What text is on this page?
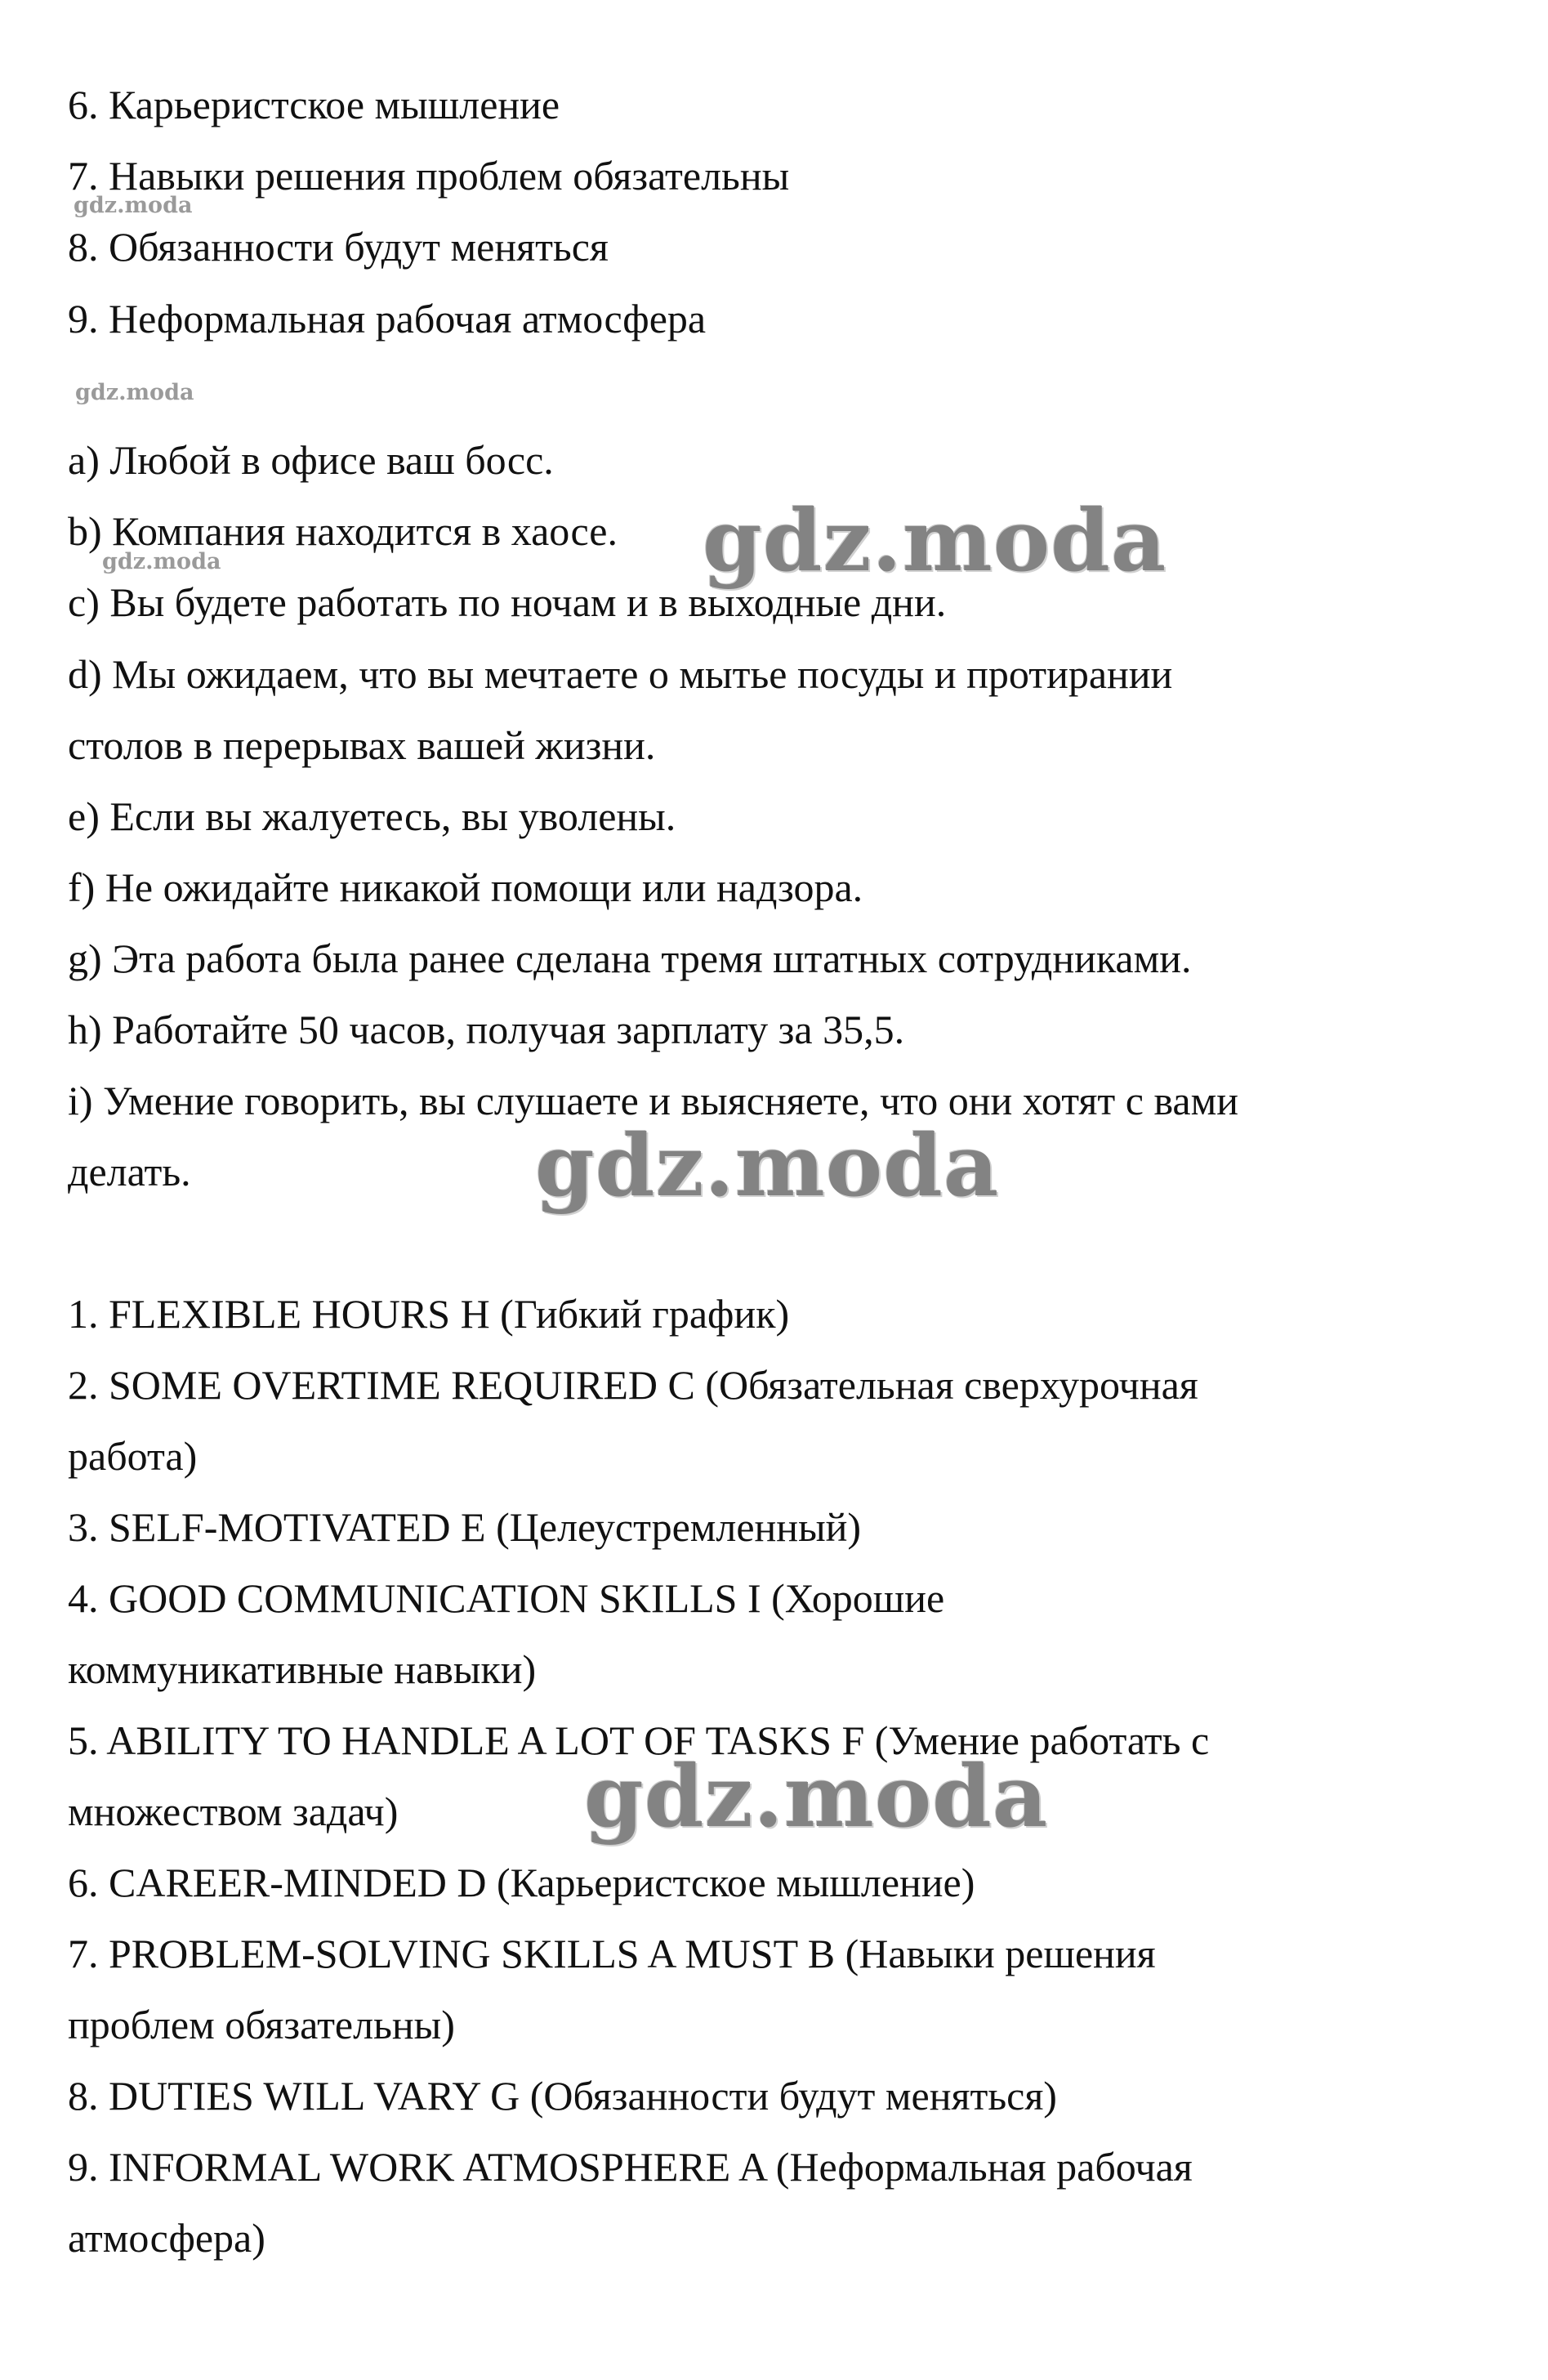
6. Карьеристское мышление
7. Навыки решения проблем обязательны
8. Обязанности будут меняться
9. Неформальная рабочая атмосфера
a) Любой в офисе ваш босс.
b) Компания находится в хаосе.
c) Вы будете работать по ночам и в выходные дни.
d) Мы ожидаем, что вы мечтаете о мытье посуды и протирании
столов в перерывах вашей жизни.
e) Если вы жалуетесь, вы уволены.
f) Не ожидайте никакой помощи или надзора.
g) Эта работа была ранее сделана тремя штатных сотрудниками.
h) Работайте 50 часов, получая зарплату за 35,5.
i) Умение говорить, вы слушаете и выясняете, что они хотят с вами
делать.
1. FLEXIBLE HOURS H (Гибкий график)
2. SOME OVERTIME REQUIRED C (Обязательная сверхурочная
работа)
3. SELF-MOTIVATED E (Целеустремленный)
4. GOOD COMMUNICATION SKILLS I (Хорошие
коммуникативные навыки)
5. ABILITY TO HANDLE A LOT OF TASKS F (Умение работать с
множеством задач)
6. CAREER-MINDED D (Карьеристское мышление)
7. PROBLEM-SOLVING SKILLS A MUST B (Навыки решения
проблем обязательны)
8. DUTIES WILL VARY G (Обязанности будут меняться)
9. INFORMAL WORK ATMOSPHERE A (Неформальная рабочая
атмосфера)
gdz.moda
gdz.moda
gdz.moda	gdz.moda
gdz.moda
gdz.moda
